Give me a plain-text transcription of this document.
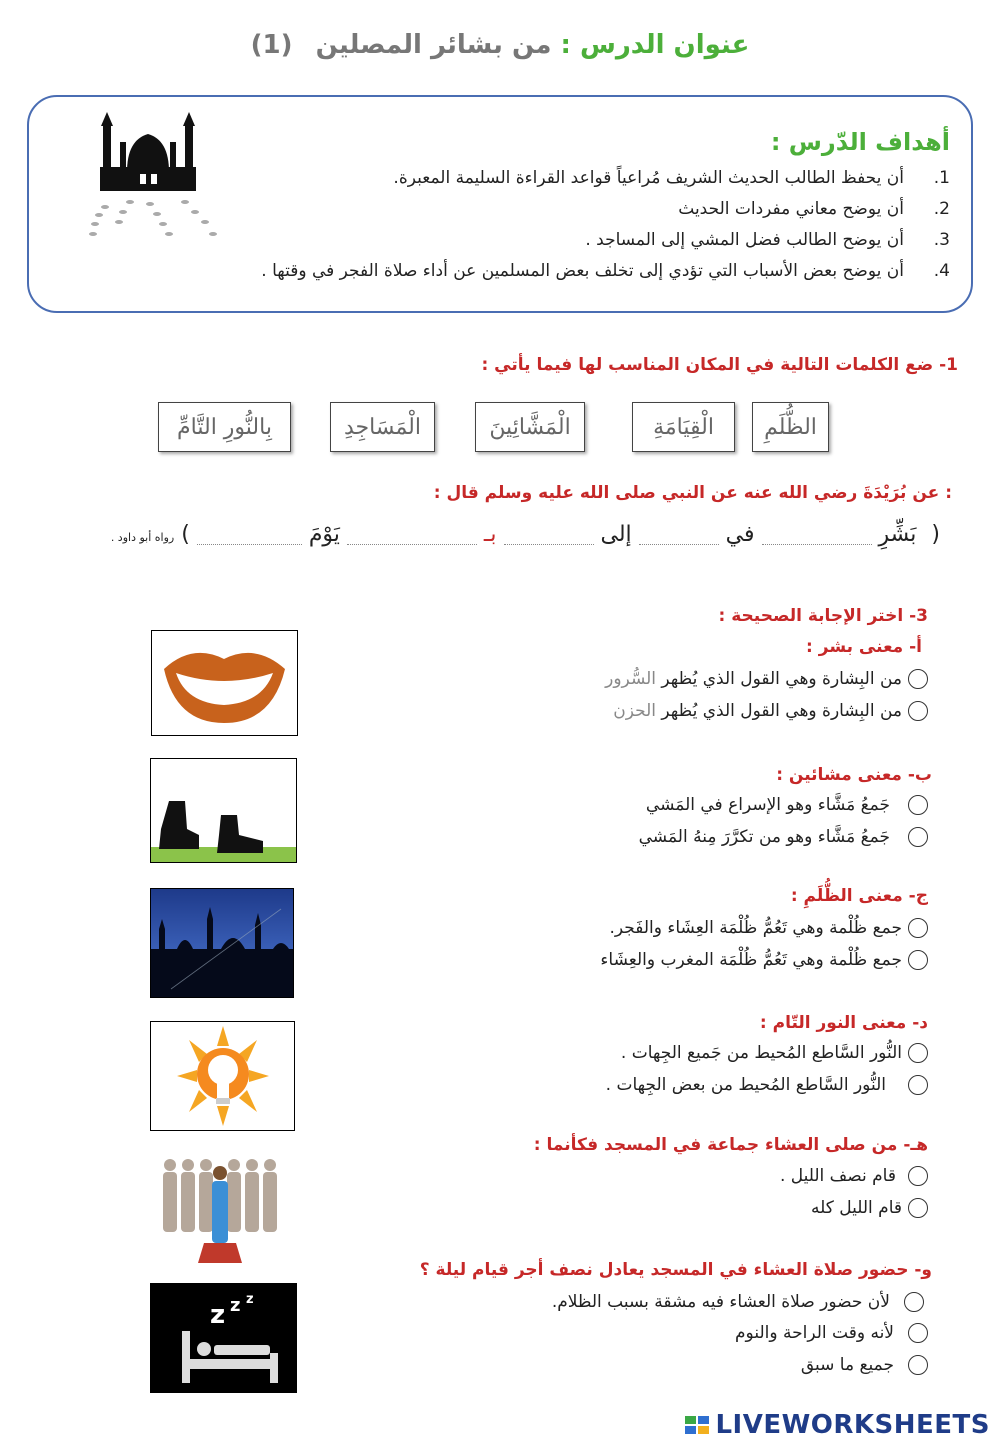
عنوان الدرس : من بشائر المصلين (1)
أهداف الدّرس :
1.أن يحفظ الطالب الحديث الشريف مُراعياً قواعد القراءة السليمة المعبرة.
2.أن يوضح معاني مفردات الحديث
3.أن يوضح الطالب فضل المشي إلى المساجد .
4.أن يوضح بعض الأسباب التي تؤدي إلى تخلف بعض المسلمين عن أداء صلاة الفجر في وقتها .
1- ضع الكلمات التالية في المكان المناسب لها فيما يأتي :
الظُّلَمِ
الْقِيَامَةِ
الْمَشَّائِينَ
الْمَسَاجِدِ
بِالنُّورِ التَّامِّ
: عن بُرَيْدَةَ رضي الله عنه عن النبي صلى الله عليه وسلم قال :
( بَشِّرِ  في  إلى  بـ  يَوْمَ  ) رواه أبو داود .
3- اختر الإجابة الصحيحة :
أ- معنى بشر :
من البِشارة وهي القول الذي يُظهر

السُّرور
من البِشارة وهي القول الذي يُظهر

الحزن
ب- معنى مشائين :
جَمعُ مَشَّاء وهو الإسراع في المَشي
جَمعُ مَشَّاء وهو من تكرَّرَ مِنهُ المَشي
ج- معنى الظُّلَمِ :
جمع ظُلْمة وهي تَعُمُّ ظُلْمَة العِشَاء والفَجر.
جمع ظُلْمة وهي تَعُمُّ ظُلْمَة المغرب والعِشَاء
د- معنى النور التّام :
النُّور السَّاطع المُحيط من جَميع الجِهات .
النُّور السَّاطع المُحيط من بعض الجِهات .
هـ- من صلى العشاء جماعة في المسجد فكأنما :
قام نصف الليل .
قام الليل كله
و- حضور صلاة العشاء في المسجد يعادل نصف أجر قيام ليلة ؟
لأن حضور صلاة العشاء فيه مشقة بسبب الظلام.
لأنه وقت الراحة والنوم
جميع ما سبق
z z z
LIVEWORKSHEETS
